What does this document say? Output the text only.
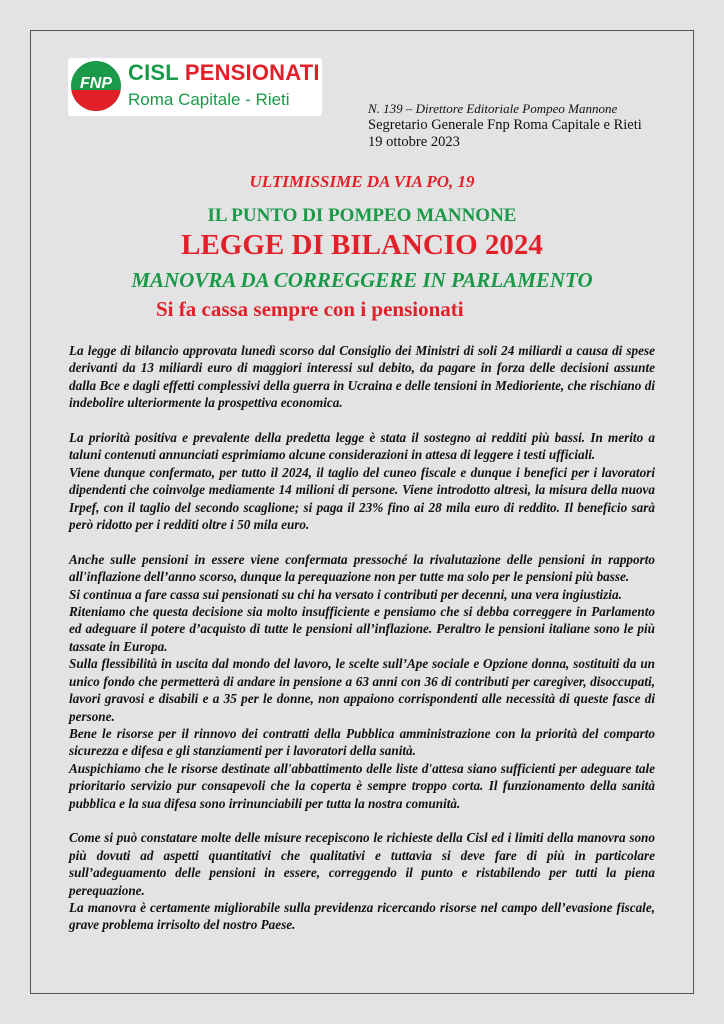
FNP CISL PENSIONATI
Roma Capitale - Rieti	N. 139 – Direttore Editoriale Pompeo Mannone
Segretario Generale Fnp Roma Capitale e Rieti
19 ottobre 2023
ULTIMISSIME DA VIA PO, 19
IL PUNTO DI POMPEO MANNONE
LEGGE DI BILANCIO 2024
MANOVRA DA CORREGGERE IN PARLAMENTO
Si fa cassa sempre con i pensionati

La legge di bilancio approvata lunedì scorso dal Consiglio dei Ministri di soli 24 miliardi a causa di spese derivanti da 13 miliardi euro di maggiori interessi sul debito, da pagare in forza delle decisioni assunte dalla Bce e dagli effetti complessivi della guerra in Ucraina e delle tensioni in Medioriente, che rischiano di indebolire ulteriormente la prospettiva economica.

La priorità positiva e prevalente della predetta legge è stata il sostegno ai redditi più bassi. In merito a taluni contenuti annunciati esprimiamo alcune considerazioni in attesa di leggere i testi ufficiali.

Viene dunque confermato, per tutto il 2024, il taglio del cuneo fiscale e dunque i benefici per i lavoratori dipendenti che coinvolge mediamente 14 milioni di persone. Viene introdotto altresì, la misura della nuova Irpef, con il taglio del secondo scaglione; si paga il 23% fino ai 28 mila euro di reddito. Il beneficio sarà però ridotto per i redditi oltre i 50 mila euro.

Anche sulle pensioni in essere viene confermata pressoché la rivalutazione delle pensioni in rapporto all'inflazione dell’anno scorso, dunque la perequazione non per tutte ma solo per le pensioni più basse.

Si continua a fare cassa sui pensionati su chi ha versato i contributi per decenni, una vera ingiustizia.

Riteniamo che questa decisione sia molto insufficiente e pensiamo che si debba correggere in Parlamento ed adeguare il potere d’acquisto di tutte le pensioni all’inflazione. Peraltro le pensioni italiane sono le più tassate in Europa.

Sulla flessibilità in uscita dal mondo del lavoro, le scelte sull’Ape sociale e Opzione donna, sostituiti da un unico fondo che permetterà di andare in pensione a 63 anni con 36 di contributi per caregiver, disoccupati, lavori gravosi e disabili e a 35 per le donne, non appaiono corrispondenti alle necessità di queste fasce di persone.

Bene le risorse per il rinnovo dei contratti della Pubblica amministrazione con la priorità del comparto sicurezza e difesa e gli stanziamenti per i lavoratori della sanità.

Auspichiamo che le risorse destinate all'abbattimento delle liste d'attesa siano sufficienti per adeguare tale prioritario servizio pur consapevoli che la coperta è sempre troppo corta. Il funzionamento della sanità pubblica e la sua difesa sono irrinunciabili per tutta la nostra comunità.

Come si può constatare molte delle misure recepiscono le richieste della Cisl ed i limiti della manovra sono più dovuti ad aspetti quantitativi che qualitativi e tuttavia si deve fare di più in particolare sull’adeguamento delle pensioni in essere, correggendo il punto e ristabilendo per tutti la piena perequazione.

La manovra è certamente migliorabile sulla previdenza ricercando risorse nel campo dell’evasione fiscale, grave problema irrisolto del nostro Paese.
